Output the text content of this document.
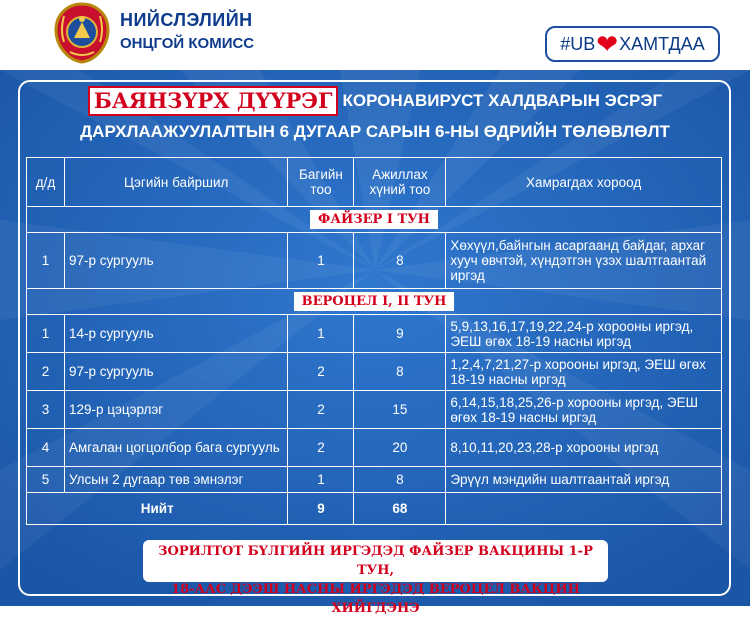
НИЙСЛЭЛИЙН
ОНЦГОЙ КОМИСС	#UB ❤ ХАМТДАА
БАЯНЗҮРХ ДҮҮРЭГ КОРОНАВИРУСТ ХАЛДВАРЫН ЭСРЭГ
ДАРХЛААЖУУЛАЛТЫН 6 ДУГААР САРЫН 6-НЫ ӨДРИЙН ТӨЛӨВЛӨЛТ
д/д	Цэгийн байршил	Багийн тоо	Ажиллах хүний тоо	Хамрагдах хороод
ФАЙЗЕР I ТУН				
1	97-р сургууль	1	8	Хөхүүл,байнгын асаргаанд байдаг, архаг хууч өвчтэй, хүндэтгэн үзэх шалтгаантай иргэд
ВЕРОЦЕЛ I, II ТУН				
1	14-р сургууль	1	9	5,9,13,16,17,19,22,24-р хорооны иргэд, ЭЕШ өгөх 18-19 насны иргэд
2	97-р сургууль	2	8	1,2,4,7,21,27-р хорооны иргэд, ЭЕШ өгөх 18-19 насны иргэд
3	129-р цэцэрлэг	2	15	6,14,15,18,25,26-р хорооны иргэд, ЭЕШ өгөх 18-19 насны иргэд
4	Амгалан цогцолбор бага сургууль	2	20	8,10,11,20,23,28-р хорооны иргэд
5	Улсын 2 дугаар төв эмнэлэг	1	8	Эрүүл мэндийн шалтгаантай иргэд
Нийт		9	68	
ЗОРИЛТОТ БҮЛГИЙН ИРГЭДЭД ФАЙЗЕР ВАКЦИНЫ 1-Р ТУН,
18-ААС ДЭЭШ НАСНЫ ИРГЭДЭД ВЕРОЦЕЛ ВАКЦИН ХИЙГДЭНЭ
